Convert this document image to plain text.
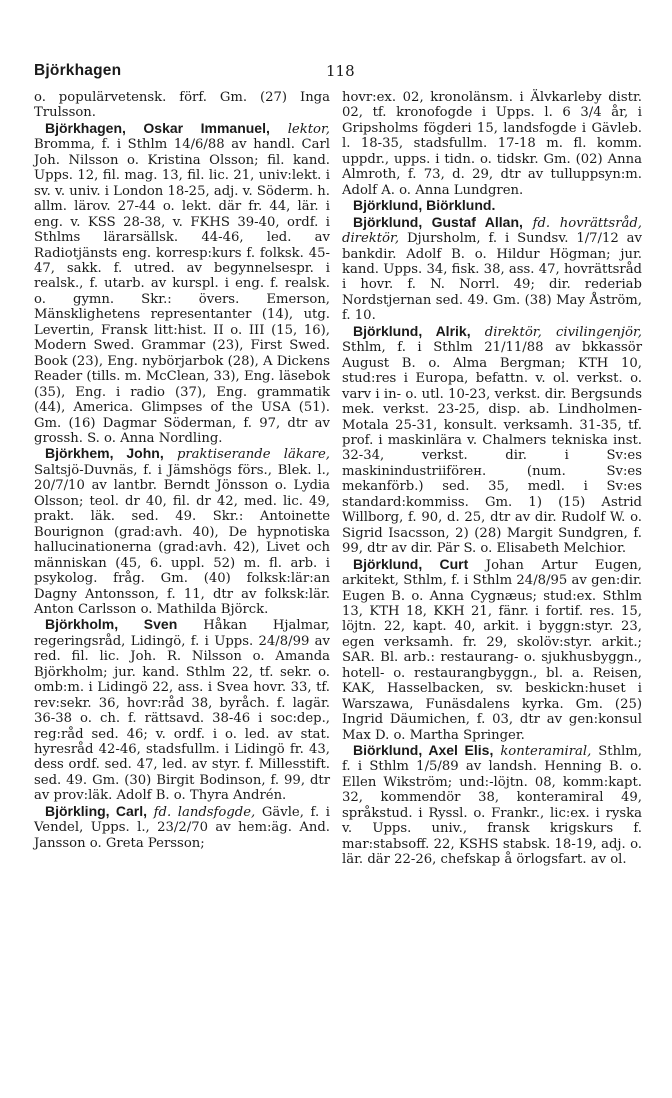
Björkhagen	118

o. populärvetensk. förf. Gm. (27) Inga Trulsson.

Björkhagen, Oskar Immanuel, lektor, Bromma, f. i Sthlm 14/6/88 av handl. Carl Joh. Nilsson o. Kristina Olsson; fil. kand. Upps. 12, fil. mag. 13, fil. lic. 21, univ:lekt. i sv. v. univ. i London 18-25, adj. v. Söderm. h. allm. lärov. 27-44 o. lekt. där fr. 44, lär. i eng. v. KSS 28-38, v. FKHS 39-40, ordf. i Sthlms lärarsällsk. 44-46, led. av Radiotjänsts eng. korresp:kurs f. folksk. 45-47, sakk. f. utred. av begynnelsespr. i realsk., f. utarb. av kurspl. i eng. f. realsk. o. gymn. Skr.: övers. Emerson, Mänsklighetens representanter (14), utg. Levertin, Fransk litt:hist. II o. III (15, 16), Modern Swed. Grammar (23), First Swed. Book (23), Eng. nybörjarbok (28), A Dickens Reader (tills. m. McClean, 33), Eng. läsebok (35), Eng. i radio (37), Eng. grammatik (44), America. Glimpses of the USA (51). Gm. (16) Dagmar Söderman, f. 97, dtr av grossh. S. o. Anna Nordling.

Björkhem, John, praktiserande läkare, Saltsjö-Duvnäs, f. i Jämshögs förs., Blek. l., 20/7/10 av lantbr. Berndt Jönsson o. Lydia Olsson; teol. dr 40, fil. dr 42, med. lic. 49, prakt. läk. sed. 49. Skr.: Antoinette Bourignon (grad:avh. 40), De hypnotiska hallucinationerna (grad:avh. 42), Livet och människan (45, 6. uppl. 52) m. fl. arb. i psykolog. fråg. Gm. (40) folksk:lär:an Dagny Antonsson, f. 11, dtr av folksk:lär. Anton Carlsson o. Mathilda Björck.

Björkholm, Sven Håkan Hjalmar, regeringsråd, Lidingö, f. i Upps. 24/8/99 av red. fil. lic. Joh. R. Nilsson o. Amanda Björkholm; jur. kand. Sthlm 22, tf. sekr. o. omb:m. i Lidingö 22, ass. i Svea hovr. 33, tf. rev:sekr. 36, hovr:råd 38, byråch. f. lagär. 36-38 o. ch. f. rättsavd. 38-46 i soc:dep., reg:råd sed. 46; v. ordf. i o. led. av stat. hyresråd 42-46, stadsfullm. i Lidingö fr. 43, dess ordf. sed. 47, led. av styr. f. Millesstift. sed. 49. Gm. (30) Birgit Bodinson, f. 99, dtr av prov:läk. Adolf B. o. Thyra Andrén.

Björkling, Carl, fd. landsfogde, Gävle, f. i Vendel, Upps. l., 23/2/70 av hem:äg. And. Jansson o. Greta Persson;

hovr:ex. 02, kronolänsm. i Älvkarleby distr. 02, tf. kronofogde i Upps. l. 6 3/4 år, i Gripsholms fögderi 15, landsfogde i Gävleb. l. 18-35, stadsfullm. 17-18 m. fl. komm. uppdr., upps. i tidn. o. tidskr. Gm. (02) Anna Almroth, f. 73, d. 29, dtr av tulluppsyn:m. Adolf A. o. Anna Lundgren.

Björklund, Biörklund.

Björklund, Gustaf Allan, fd. hovrättsråd, direktör, Djursholm, f. i Sundsv. 1/7/12 av bankdir. Adolf B. o. Hildur Högman; jur. kand. Upps. 34, fisk. 38, ass. 47, hovrättsråd i hovr. f. N. Norrl. 49; dir. rederiab Nordstjernan sed. 49. Gm. (38) May Åström, f. 10.

Björklund, Alrik, direktör, civilingenjör, Sthlm, f. i Sthlm 21/11/88 av bkkassör August B. o. Alma Bergman; KTH 10, stud:res i Europa, befattn. v. ol. verkst. o. varv i in- o. utl. 10-23, verkst. dir. Bergsunds mek. verkst. 23-25, disp. ab. Lindholmen-Motala 25-31, konsult. verksamh. 31-35, tf. prof. i maskinlära v. Chalmers tekniska inst. 32-34, verkst. dir. i Sv:es maskinindustriiföreн. (num. Sv:es mekanförb.) sed. 35, medl. i Sv:es standard:kommiss. Gm. 1) (15) Astrid Willborg, f. 90, d. 25, dtr av dir. Rudolf W. o. Sigrid Isacsson, 2) (28) Margit Sundgren, f. 99, dtr av dir. Pär S. o. Elisabeth Melchior.

Björklund, Curt Johan Artur Eugen, arkitekt, Sthlm, f. i Sthlm 24/8/95 av gen:dir. Eugen B. o. Anna Cygnæus; stud:ex. Sthlm 13, KTH 18, KKH 21, fänr. i fortif. res. 15, löjtn. 22, kapt. 40, arkit. i byggn:styr. 23, egen verksamh. fr. 29, skolöv:styr. arkit.; SAR. Bl. arb.: restaurang- o. sjukhusbyggn., hotell- o. restaurangbyggn., bl. a. Reisen, KAK, Hasselbacken, sv. beskickn:huset i Warszawa, Funäsdalens kyrka. Gm. (25) Ingrid Däumichen, f. 03, dtr av gen:konsul Max D. o. Martha Springer.

Biörklund, Axel Elis, konteramiral, Sthlm, f. i Sthlm 1/5/89 av landsh. Henning B. o. Ellen Wikström; und:-löjtn. 08, komm:kapt. 32, kommendör 38, konteramiral 49, språkstud. i Ryssl. o. Frankr., lic:ex. i ryska v. Upps. univ., fransk krigskurs f. mar:stabsoff. 22, KSHS stabsk. 18-19, adj. o. lär. där 22-26, chefskap å örlogsfart. av ol.
